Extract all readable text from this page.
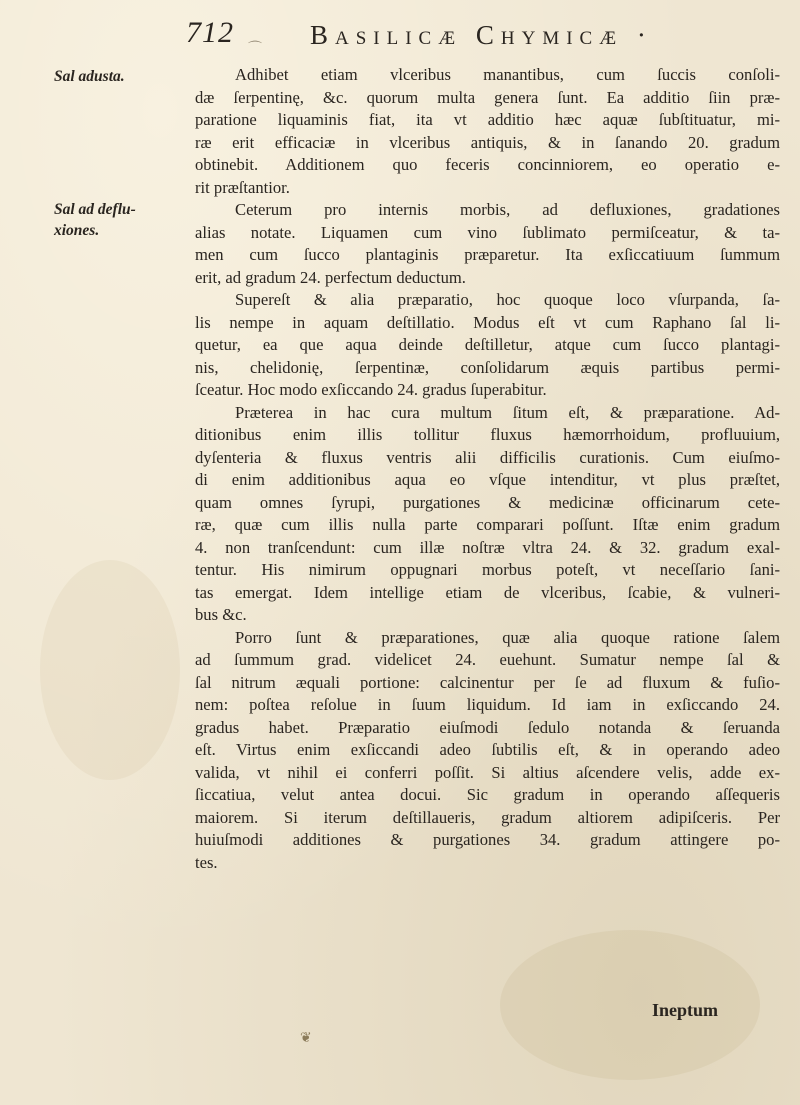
712
⌒ Basilicæ Chymicæ ·
Sal adusta.
Sal ad deflu-
xiones.

Adhibet etiam vlceribus manantibus, cum ſuccis conſoli-
dæ ſerpentinę, &c. quorum multa genera ſunt. Ea additio ſiin præ-
paratione liquaminis fiat, ita vt additio hæc aquæ ſubſtituatur, mi-
ræ erit efficaciæ in vlceribus antiquis, & in ſanando 20. gradum
obtinebit. Additionem quo feceris concinniorem, eo operatio e-
rit præſtantior.

Ceterum pro internis morbis, ad defluxiones, gradationes
alias notate. Liquamen cum vino ſublimato permiſceatur, & ta-
men cum ſucco plantaginis præparetur. Ita exſiccatiuum ſummum
erit, ad gradum 24. perfectum deductum.

Supereſt & alia præparatio, hoc quoque loco vſurpanda, ſa-
lis nempe in aquam deſtillatio. Modus eſt vt cum Raphano ſal li-
quetur, ea que aqua deinde deſtilletur, atque cum ſucco plantagi-
nis, chelidonię, ſerpentinæ, conſolidarum æquis partibus permi-
ſceatur. Hoc modo exſiccando 24. gradus ſuperabitur.

Præterea in hac cura multum ſitum eſt, & præparatione. Ad-
ditionibus enim illis tollitur fluxus hæmorrhoidum, profluuium,
dyſenteria & fluxus ventris alii difficilis curationis. Cum eiuſmo-
di enim additionibus aqua eo vſque intenditur, vt plus præſtet,
quam omnes ſyrupi, purgationes & medicinæ officinarum cete-
ræ, quæ cum illis nulla parte comparari poſſunt. Iſtæ enim gradum
4. non tranſcendunt: cum illæ noſtræ vltra 24. & 32. gradum exal-
tentur. His nimirum oppugnari morbus poteſt, vt neceſſario ſani-
tas emergat. Idem intellige etiam de vlceribus, ſcabie, & vulneri-
bus &c.

Porro ſunt & præparationes, quæ alia quoque ratione ſalem
ad ſummum grad. videlicet 24. euehunt. Sumatur nempe ſal &
ſal nitrum æquali portione: calcinentur per ſe ad fluxum & fuſio-
nem: poſtea reſolue in ſuum liquidum. Id iam in exſiccando 24.
gradus habet. Præparatio eiuſmodi ſedulo notanda & ſeruanda
eſt. Virtus enim exſiccandi adeo ſubtilis eſt, & in operando adeo
valida, vt nihil ei conferri poſſit. Si altius aſcendere velis, adde ex-
ſiccatiua, velut antea docui. Sic gradum in operando aſſequeris
maiorem. Si iterum deſtillaueris, gradum altiorem adipiſceris. Per
huiuſmodi additiones & purgationes 34. gradum attingere po-
tes.

Ineptum
❦
